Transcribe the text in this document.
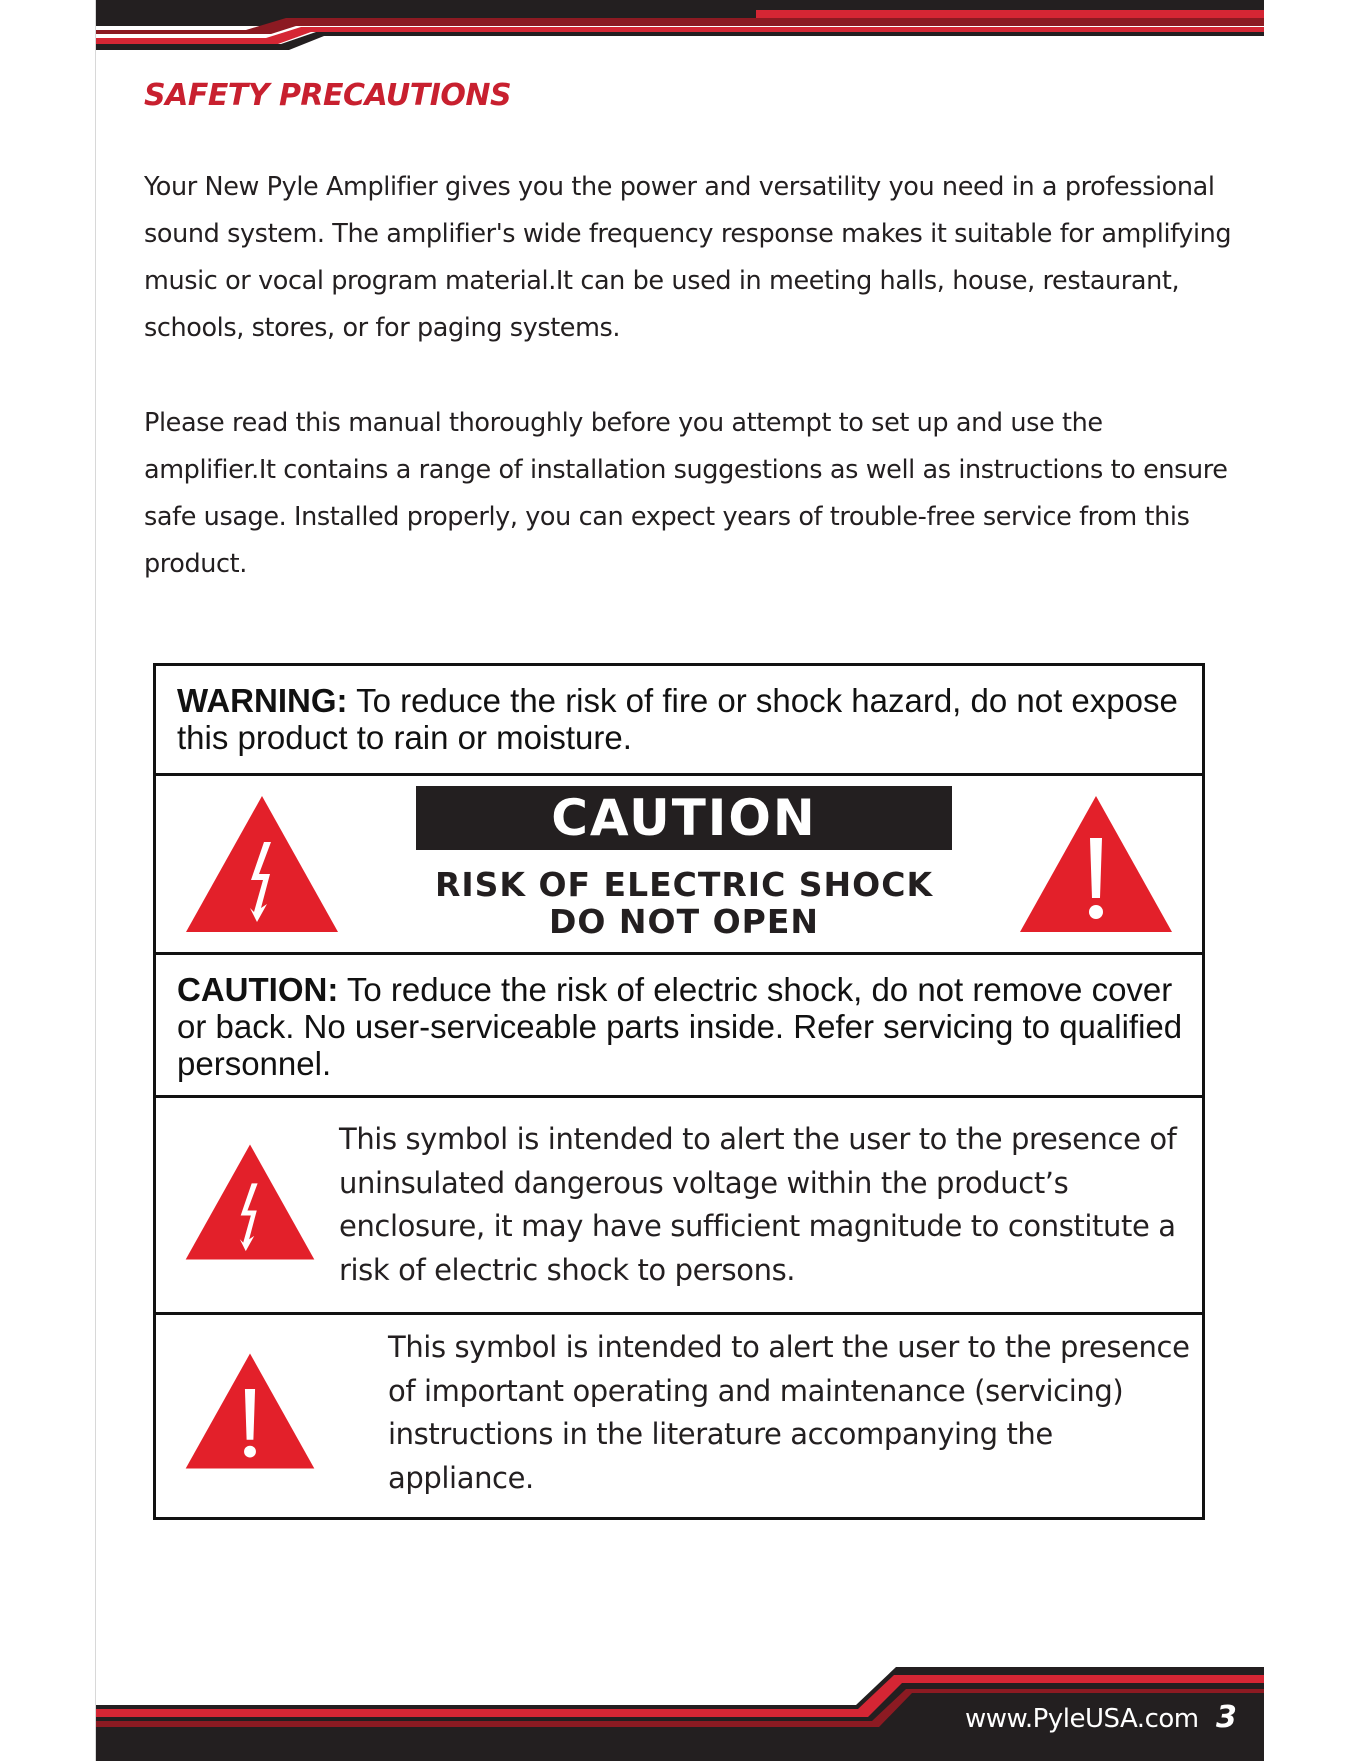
SAFETY PRECAUTIONS

Your New Pyle Amplifier gives you the power and versatility you need in a professional sound system. The amplifier's wide frequency response makes it suitable for amplifying music or vocal program material.It can be used in meeting halls, house, restaurant, schools, stores, or for paging systems.

Please read this manual thoroughly before you attempt to set up and use the amplifier.It contains a range of installation suggestions as well as instructions to ensure safe usage. Installed properly, you can expect years of trouble-free service from this product.

WARNING: To reduce the risk of fire or shock hazard, do not expose this product to rain or moisture.
CAUTION
RISK OF ELECTRIC SHOCK
DO NOT OPEN
CAUTION: To reduce the risk of electric shock, do not remove cover or back. No user-serviceable parts inside. Refer servicing to qualified personnel.
This symbol is intended to alert the user to the presence of uninsulated dangerous voltage within the product’s enclosure, it may have sufficient magnitude to constitute a risk of electric shock to persons.
This symbol is intended to alert the user to the presence of important operating and maintenance (servicing) instructions in the literature accompanying the appliance.
www.PyleUSA.com 3
